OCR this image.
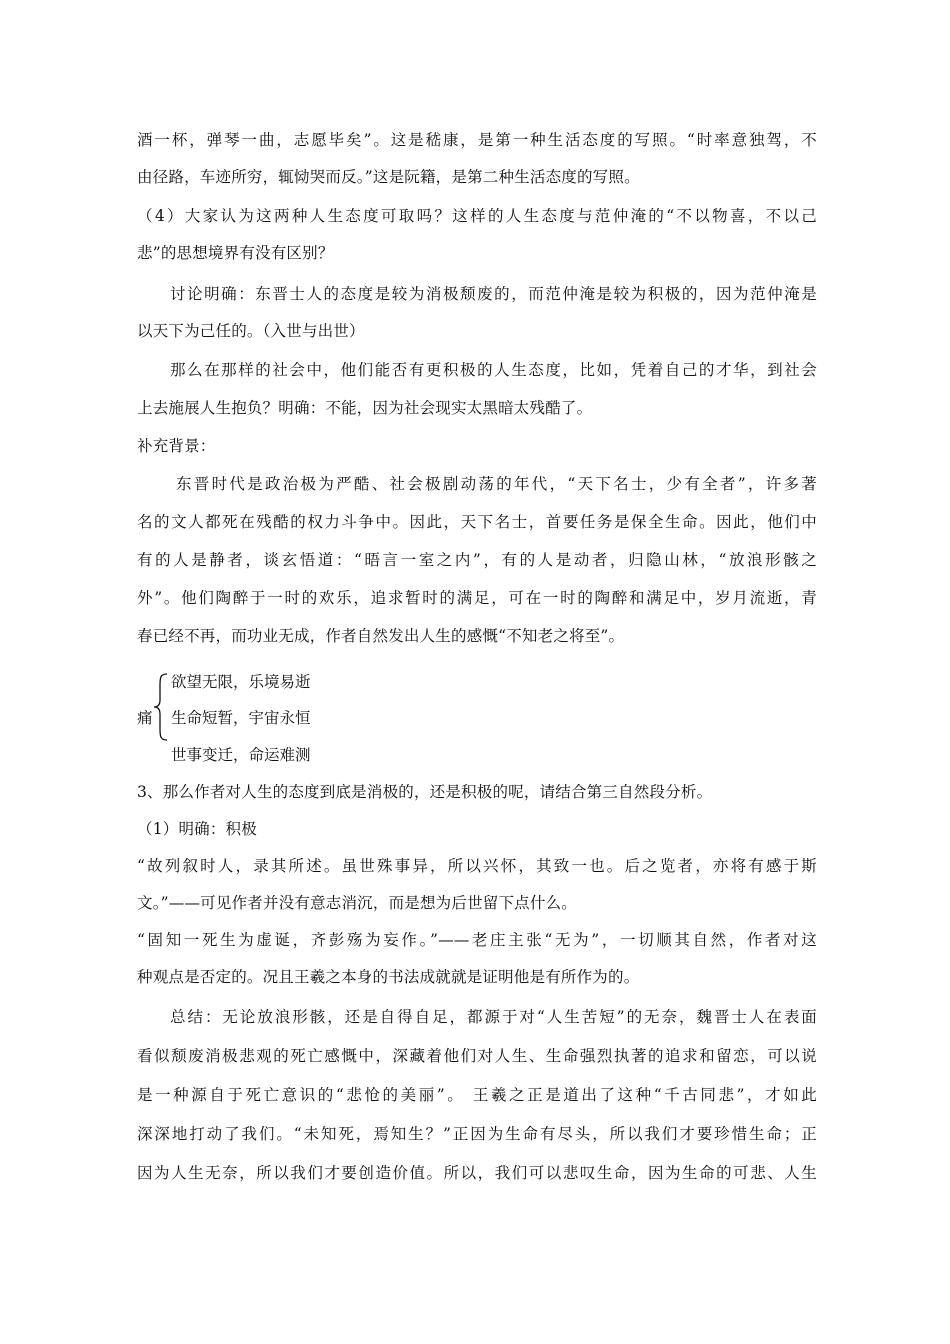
酒一杯，弹琴一曲，志愿毕矣”。这是嵇康，是第一种生活态度的写照。“时率意独驾，不
由径路，车迹所穷，辄恸哭而反。”这是阮籍，是第二种生活态度的写照。
（4）大家认为这两种人生态度可取吗？这样的人生态度与范仲淹的“不以物喜，不以己
悲”的思想境界有没有区别？
讨论明确：东晋士人的态度是较为消极颓废的，而范仲淹是较为积极的，因为范仲淹是
以天下为己任的。（入世与出世）
那么在那样的社会中，他们能否有更积极的人生态度，比如，凭着自己的才华，到社会
上去施展人生抱负？明确：不能，因为社会现实太黑暗太残酷了。
补充背景：
东晋时代是政治极为严酷、社会极剧动荡的年代，“天下名士，少有全者”，许多著
名的文人都死在残酷的权力斗争中。因此，天下名士，首要任务是保全生命。因此，他们中
有的人是静者，谈玄悟道：“晤言一室之内”，有的人是动者，归隐山林，“放浪形骸之
外”。他们陶醉于一时的欢乐，追求暂时的满足，可在一时的陶醉和满足中，岁月流逝，青
春已经不再，而功业无成，作者自然发出人生的感慨“不知老之将至”。
痛
欲望无限，乐境易逝
生命短暂，宇宙永恒
世事变迁，命运难测
3、那么作者对人生的态度到底是消极的，还是积极的呢，请结合第三自然段分析。
（1）明确：积极
“故列叙时人，录其所述。虽世殊事异，所以兴怀，其致一也。后之览者，亦将有感于斯
文。”——可见作者并没有意志消沉，而是想为后世留下点什么。
“固知一死生为虚诞，齐彭殇为妄作。”——老庄主张“无为”，一切顺其自然，作者对这
种观点是否定的。况且王羲之本身的书法成就就是证明他是有所作为的。
总结：无论放浪形骸，还是自得自足，都源于对“人生苦短”的无奈，魏晋士人在表面
看似颓废消极悲观的死亡感慨中，深藏着他们对人生、生命强烈执著的追求和留恋，可以说
是一种源自于死亡意识的“悲怆的美丽”。 王羲之正是道出了这种“千古同悲”，才如此
深深地打动了我们。“未知死，焉知生？”正因为生命有尽头，所以我们才要珍惜生命；正
因为人生无奈，所以我们才要创造价值。所以，我们可以悲叹生命，因为生命的可悲、人生
